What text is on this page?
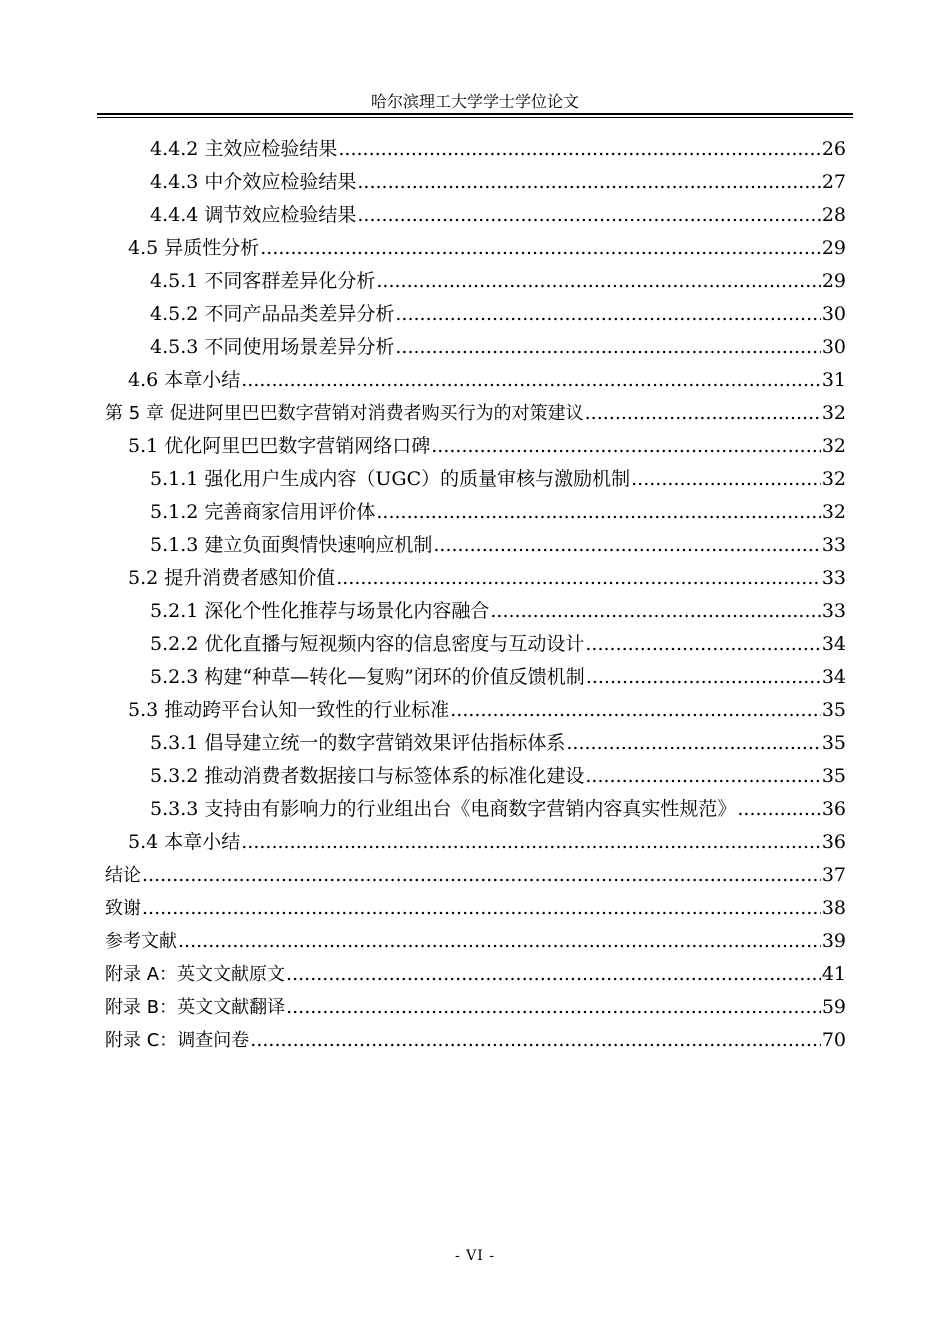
哈尔滨理工大学学士学位论文
4.4.2 主效应检验结果 .....	26
4.4.3 中介效应检验结果 .....	27
4.4.4 调节效应检验结果 .....	28
4.5 异质性分析 .....	29
4.5.1 不同客群差异化分析 .....	29
4.5.2 不同产品品类差异分析 .....	30
4.5.3 不同使用场景差异分析 .....	30
4.6 本章小结 .....	31
第 5 章 促进阿里巴巴数字营销对消费者购买行为的对策建议 .....	32
5.1 优化阿里巴巴数字营销网络口碑 .....	32
5.1.1 强化用户生成内容（UGC）的质量审核与激励机制 .....	32
5.1.2 完善商家信用评价体 .....	32
5.1.3 建立负面舆情快速响应机制 .....	33
5.2 提升消费者感知价值 .....	33
5.2.1 深化个性化推荐与场景化内容融合 .....	33
5.2.2 优化直播与短视频内容的信息密度与互动设计 .....	34
5.2.3 构建“种草—转化—复购”闭环的价值反馈机制 .....	34
5.3 推动跨平台认知一致性的行业标准 .....	35
5.3.1 倡导建立统一的数字营销效果评估指标体系 .....	35
5.3.2 推动消费者数据接口与标签体系的标准化建设 .....	35
5.3.3 支持由有影响力的行业组出台《电商数字营销内容真实性规范》 .....	36
5.4 本章小结 .....	36
结论 .....	37
致谢 .....	38
参考文献 .....	39
附录 A：英文文献原文 .....	41
附录 B：英文文献翻译 .....	59
附录 C：调查问卷 .....	70
- VI -
